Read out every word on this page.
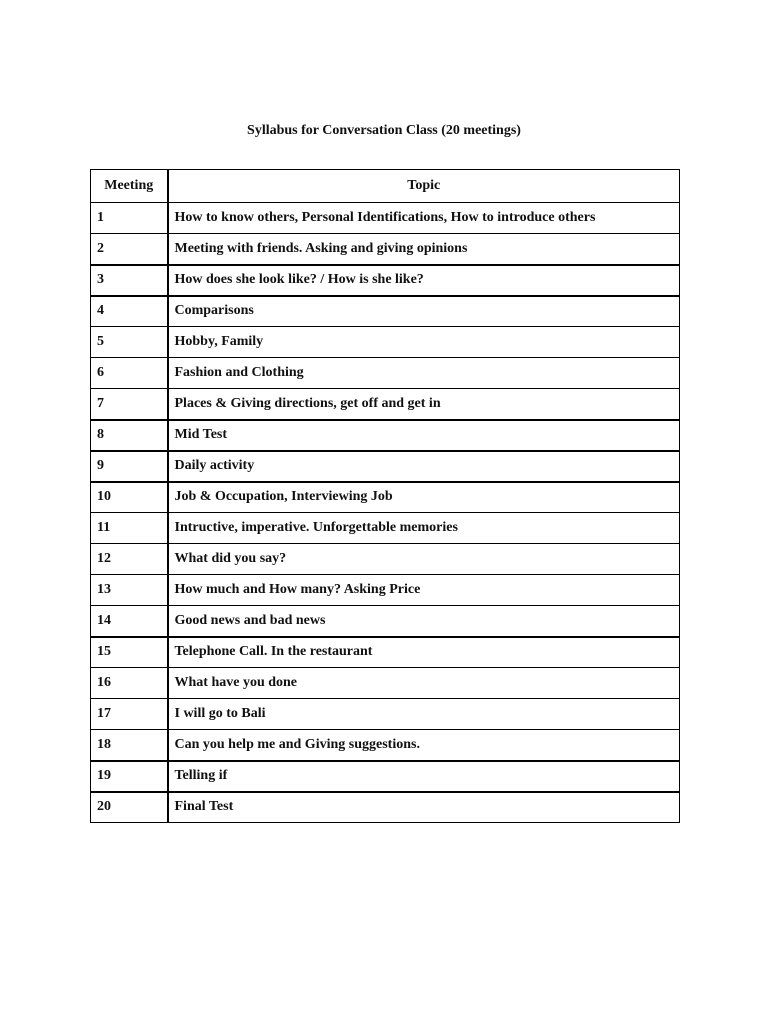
Syllabus for Conversation Class (20 meetings)
Meeting	Topic
1	How to know others, Personal Identifications, How to introduce others
2	Meeting with friends. Asking and giving opinions
3	How does she look like? / How is she like?
4	Comparisons
5	Hobby, Family
6	Fashion and Clothing
7	Places & Giving directions, get off and get in
8	Mid Test
9	Daily activity
10	Job & Occupation, Interviewing Job
11	Intructive, imperative. Unforgettable memories
12	What did you say?
13	How much and How many? Asking Price
14	Good news and bad news
15	Telephone Call. In the restaurant
16	What have you done
17	I will go to Bali
18	Can you help me and Giving suggestions.
19	Telling if
20	Final Test
